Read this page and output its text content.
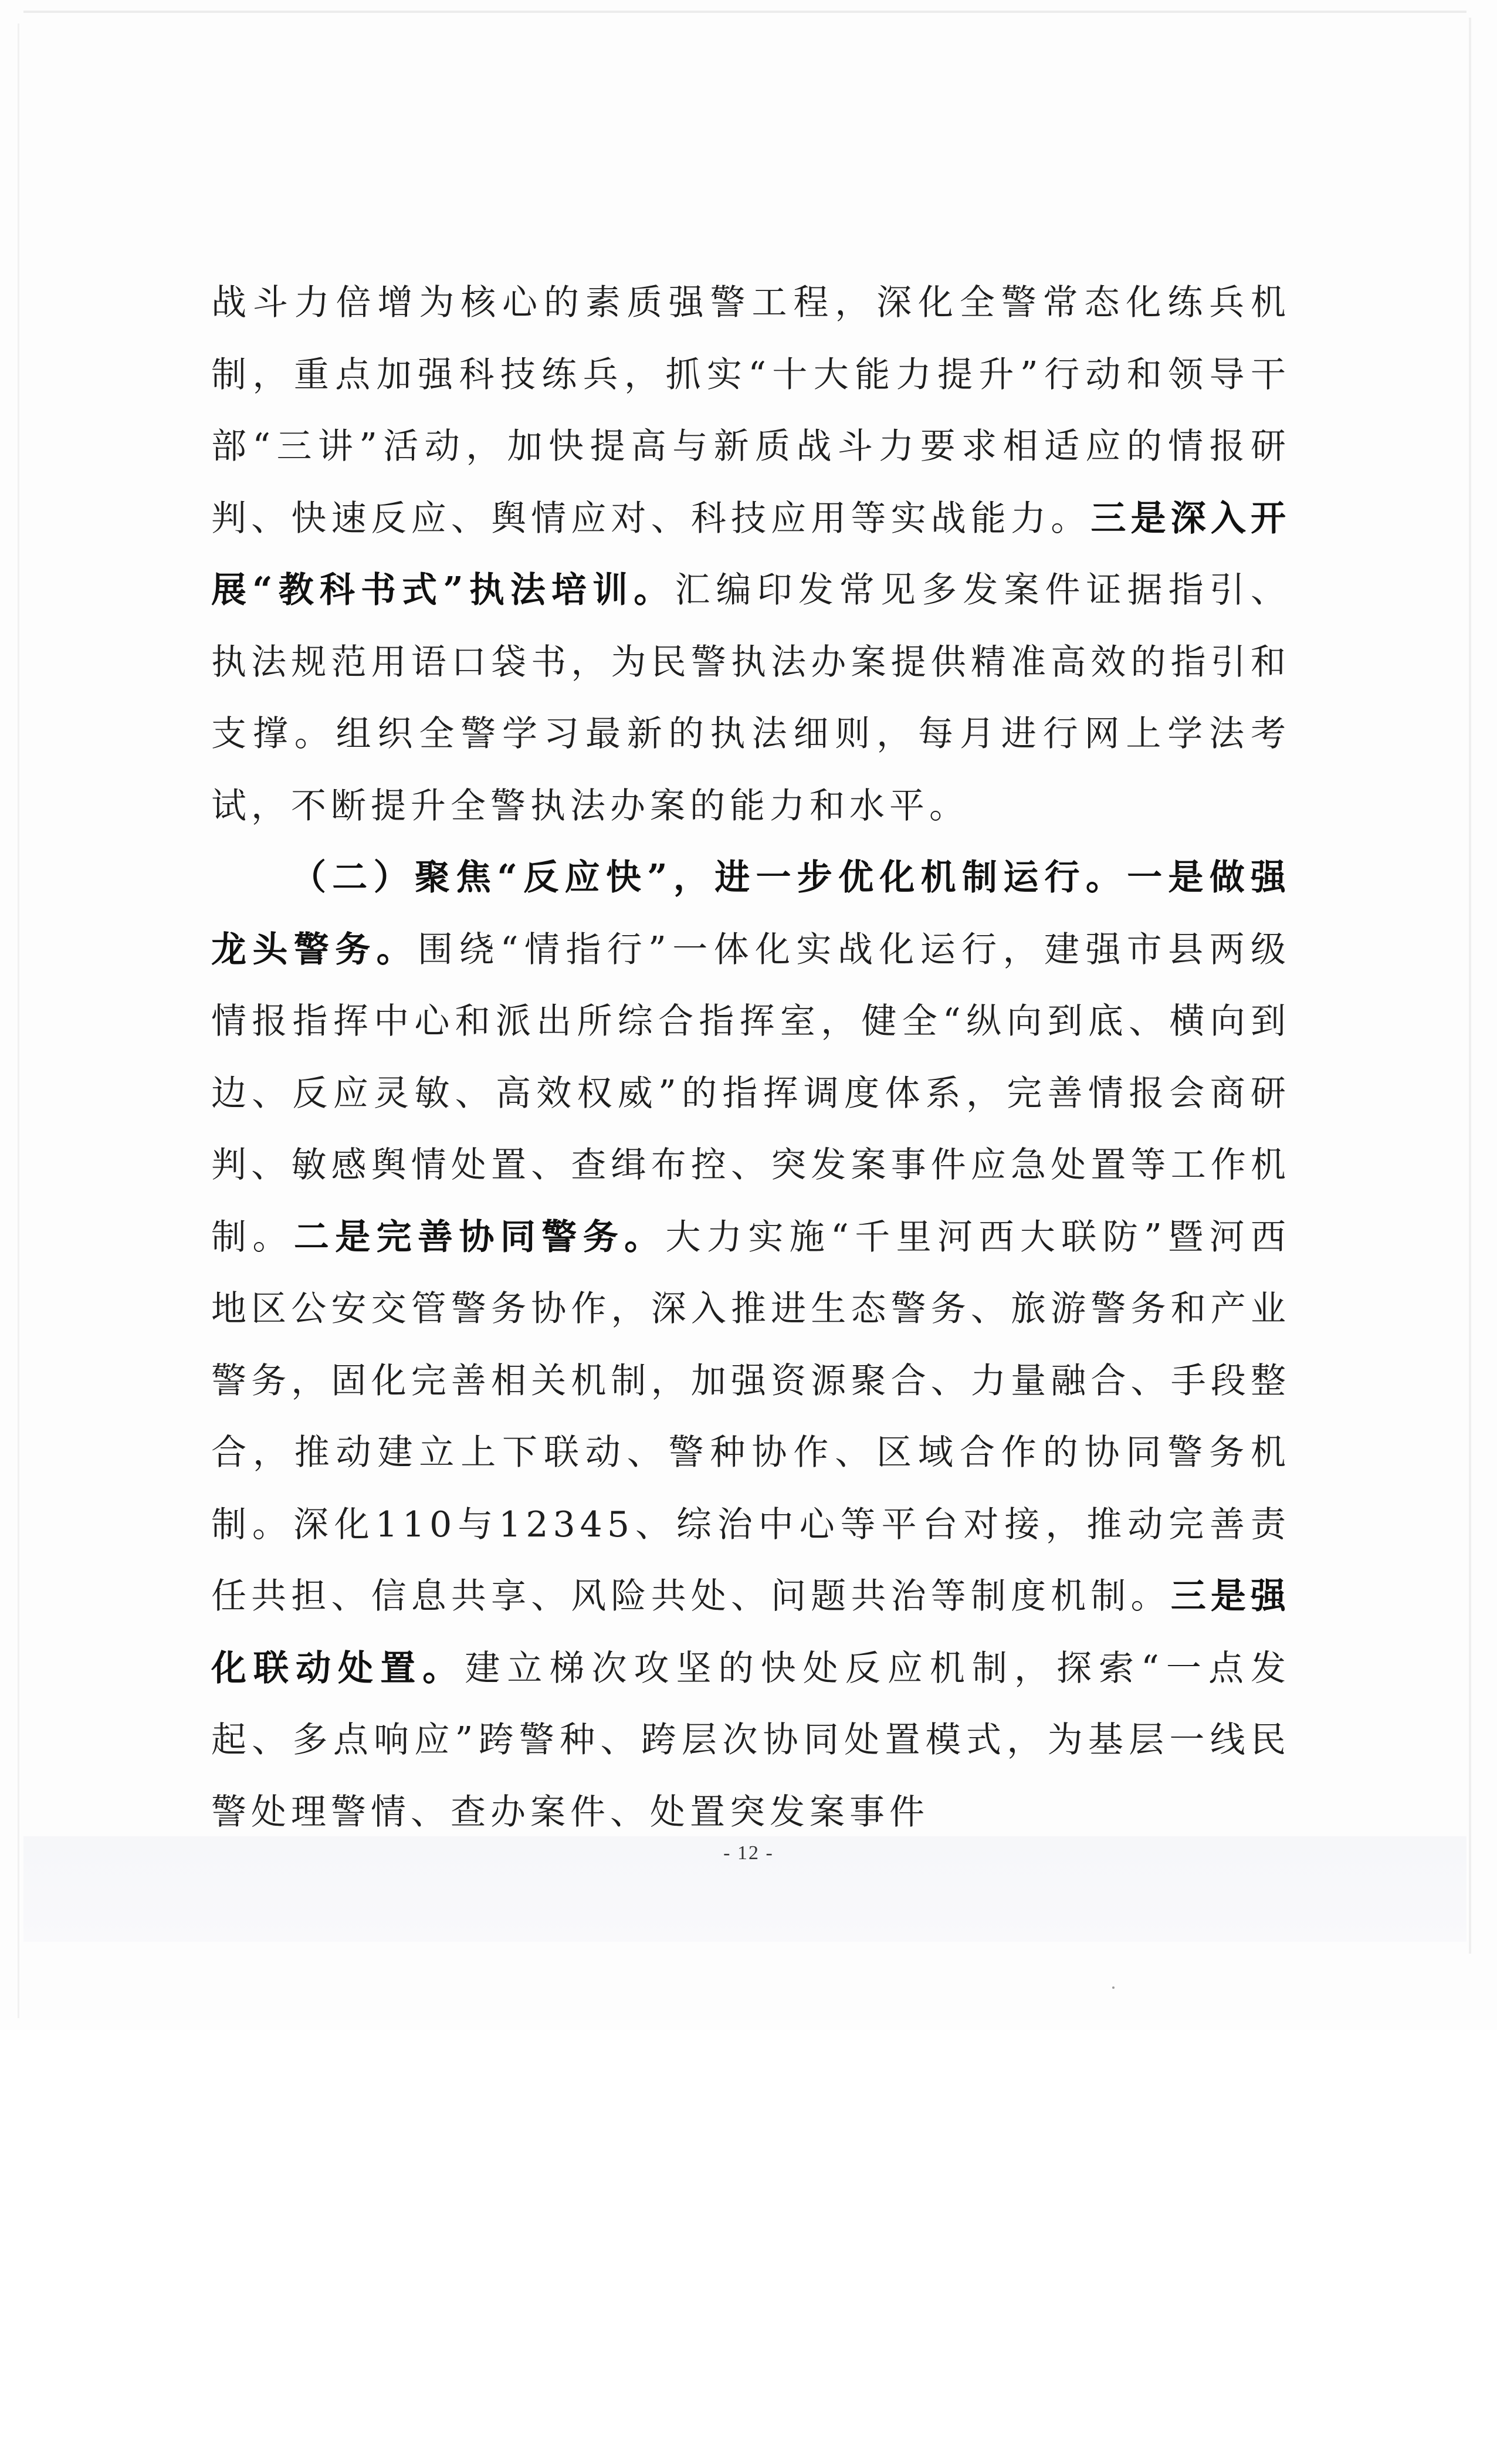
战斗力倍增为核心的素质强警工程，深化全警常态化练兵机制，重点加强科技练兵，抓实“十大能力提升”行动和领导干部“三讲”活动，加快提高与新质战斗力要求相适应的情报研判、快速反应、舆情应对、科技应用等实战能力。三是深入开展“教科书式”执法培训。汇编印发常见多发案件证据指引、执法规范用语口袋书，为民警执法办案提供精准高效的指引和支撑。组织全警学习最新的执法细则，每月进行网上学法考试，不断提升全警执法办案的能力和水平。

（二）聚焦“反应快”，进一步优化机制运行。一是做强龙头警务。围绕“情指行”一体化实战化运行，建强市县两级情报指挥中心和派出所综合指挥室，健全“纵向到底、横向到边、反应灵敏、高效权威”的指挥调度体系，完善情报会商研判、敏感舆情处置、查缉布控、突发案事件应急处置等工作机制。二是完善协同警务。大力实施“千里河西大联防”暨河西地区公安交管警务协作，深入推进生态警务、旅游警务和产业警务，固化完善相关机制，加强资源聚合、力量融合、手段整合，推动建立上下联动、警种协作、区域合作的协同警务机制。深化110与12345、综治中心等平台对接，推动完善责任共担、信息共享、风险共处、问题共治等制度机制。三是强化联动处置。建立梯次攻坚的快处反应机制，探索“一点发起、多点响应”跨警种、跨层次协同处置模式，为基层一线民警处理警情、查办案件、处置突发案事件

- 12 -
